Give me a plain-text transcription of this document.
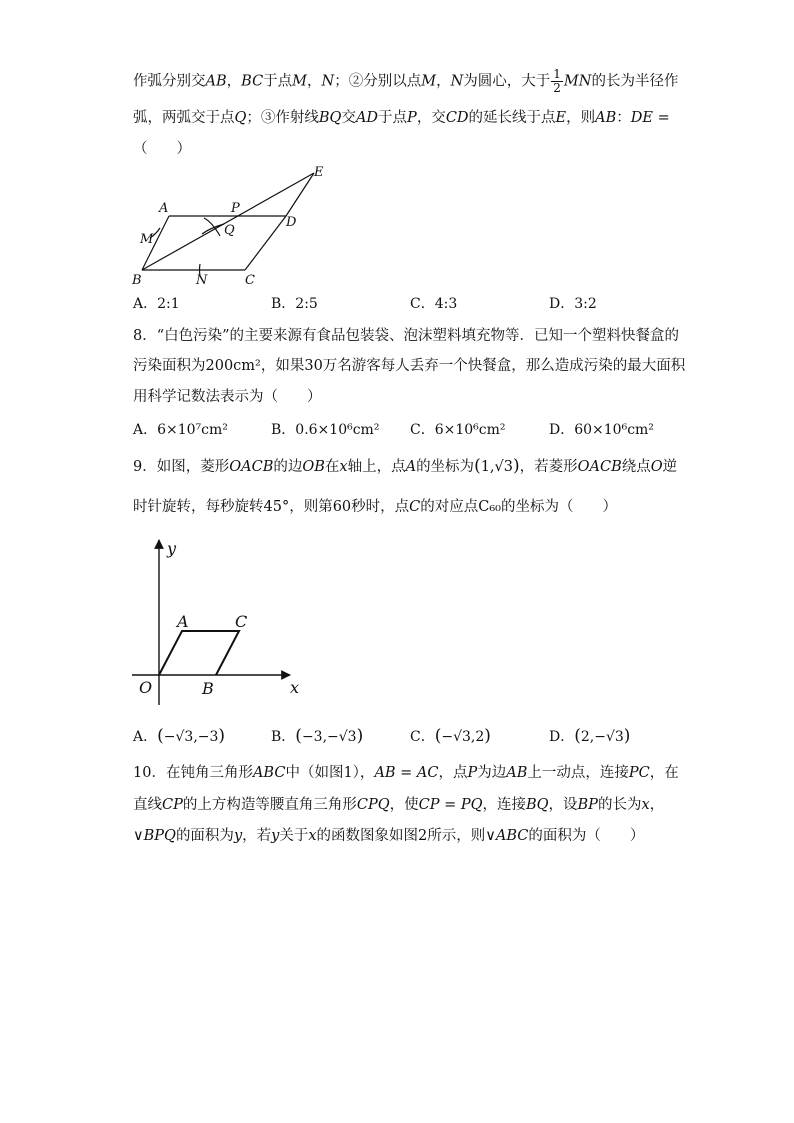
作弧分别交AB，BC于点M，N；②分别以点M，N为圆心，大于 $\frac{1}{2}$ MN的长为半径作
弧，两弧交于点Q；③作射线BQ交AD于点P，交CD的延长线于点E，则AB：DE =
（　　）
A
B	C
D
E
M
N
P
Q
A．2:1	B．2:5	C．4:3	D．3:2
8．“白色污染”的主要来源有食品包装袋、泡沫塑料填充物等．已知一个塑料快餐盒的
污染面积为200cm²，如果30万名游客每人丢弃一个快餐盒，那么造成污染的最大面积
用科学记数法表示为（　　）
A．6×10⁷cm²	B．0.6×10⁶cm² C．6×10⁶cm²	D．60×10⁶cm²
9．如图，菱形OACB的边OB在x轴上，点A的坐标为(1,√3)，若菱形OACB绕点O逆
时针旋转，每秒旋转45°，则第60秒时，点C的对应点C₆₀的坐标为（　　）
y
x
O
A	C
B
A．(−√3,−3)	B．(−3,−√3)	C．(−√3,2)	D．(2,−√3)
10．在钝角三角形ABC中（如图1），AB = AC，点P为边AB上一动点，连接PC，在
直线CP的上方构造等腰直角三角形CPQ，使CP = PQ，连接BQ，设BP的长为x，
∨BPQ的面积为y，若y关于x的函数图象如图2所示，则∨ABC的面积为（　　）
